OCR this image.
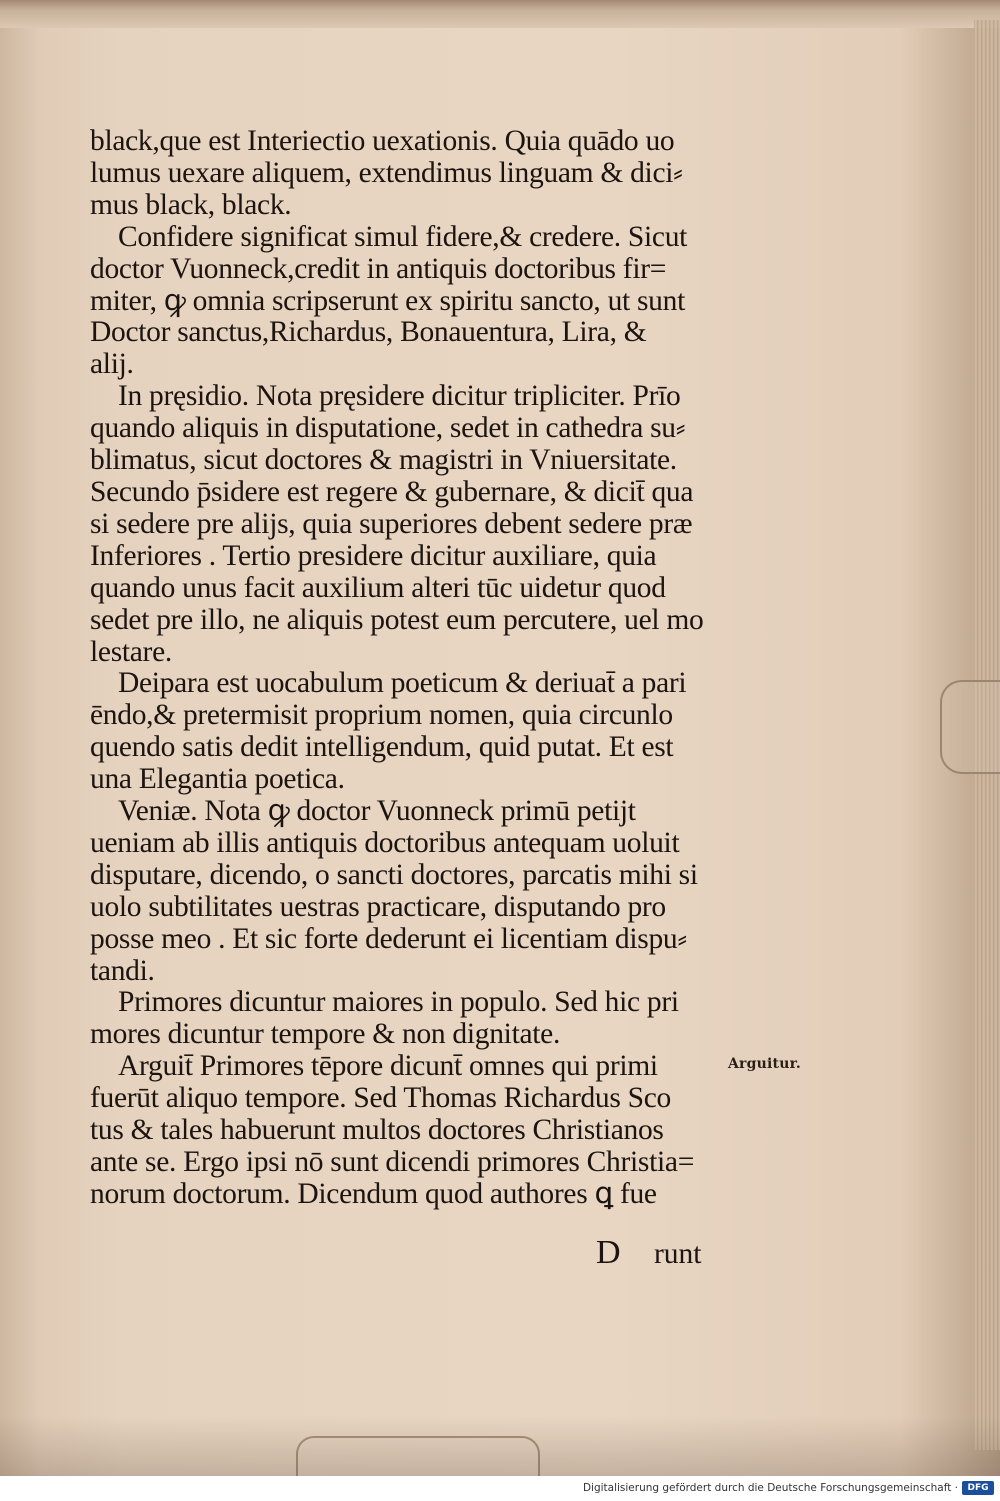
black,que est Interiectio uexationis. Quia quādo uo
lumus uexare aliquem, extendimus linguam & dici⸗
mus black, black.
Confidere significat simul fidere,& credere. Sicut
doctor Vuonneck,credit in antiquis doctoribus fir=
miter, ꝙ omnia scripserunt ex spiritu sancto, ut sunt
Doctor sanctus,Richardus, Bonauentura, Lira, &
alij.
In pręsidio. Nota pręsidere dicitur tripliciter. Prīo
quando aliquis in disputatione, sedet in cathedra su⸗
blimatus, sicut doctores & magistri in Vniuersitate.
Secundo p̄sidere est regere & gubernare, & dicit̄ qua
si sedere pre alijs, quia superiores debent sedere præ
Inferiores . Tertio presidere dicitur auxiliare, quia
quando unus facit auxilium alteri tūc uidetur quod
sedet pre illo, ne aliquis potest eum percutere, uel mo
lestare.
Deipara est uocabulum poeticum & deriuat̄ a pari
ēndo,& pretermisit proprium nomen, quia circunlo
quendo satis dedit intelligendum, quid putat. Et est
una Elegantia poetica.
Veniæ. Nota ꝙ doctor Vuonneck primū petijt
ueniam ab illis antiquis doctoribus antequam uoluit
disputare, dicendo, o sancti doctores, parcatis mihi si
uolo subtilitates uestras practicare, disputando pro
posse meo . Et sic forte dederunt ei licentiam dispu⸗
tandi.
Primores dicuntur maiores in populo. Sed hic pri
mores dicuntur tempore & non dignitate.
Arguit̄ Primores tēpore dicunt̄ omnes qui primi
fuerūt aliquo tempore. Sed Thomas Richardus Sco
tus & tales habuerunt multos doctores Christianos
ante se. Ergo ipsi nō sunt dicendi primores Christia=
norum doctorum. Dicendum quod authores ꝗ fue
Arguitur.
D runt
Digitalisierung gefördert durch die Deutsche Forschungsgemeinschaft ·	DFG
